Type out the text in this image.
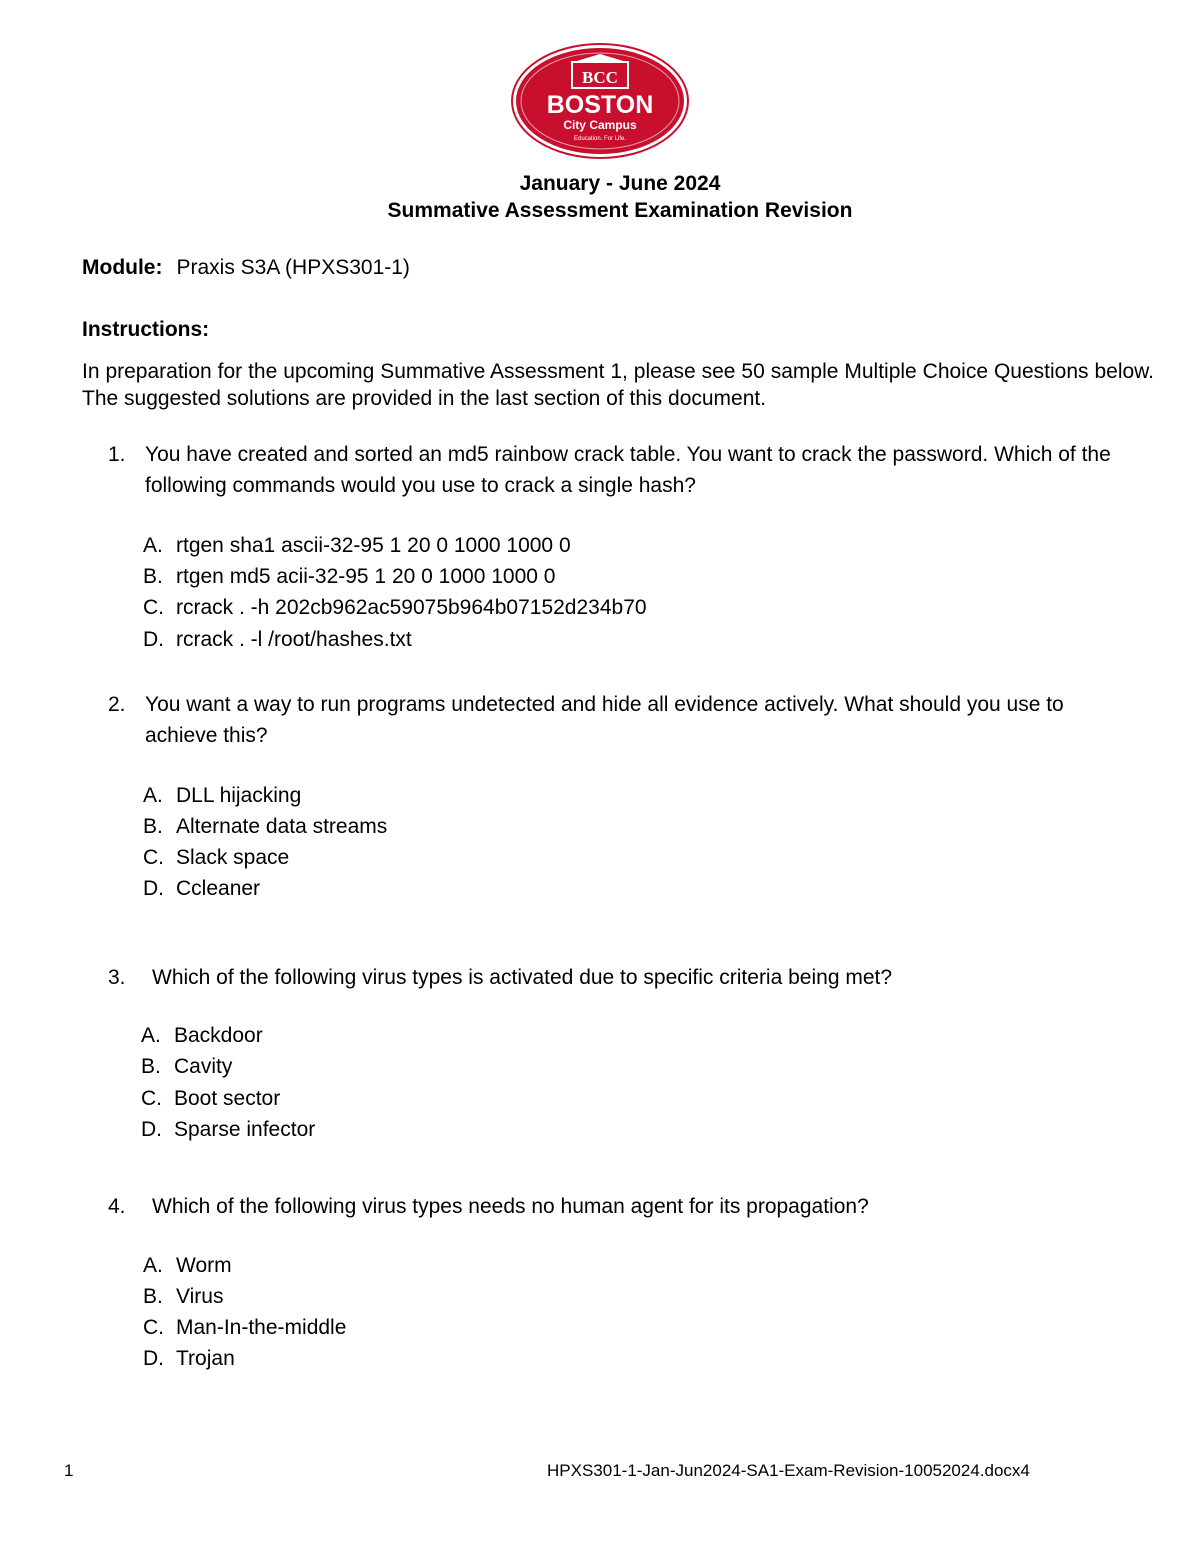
BCC
BOSTON
City Campus
Education. For Life.
January - June 2024
Summative Assessment Examination Revision
Module: Praxis S3A (HPXS301-1)
Instructions:
In preparation for the upcoming Summative Assessment 1, please see 50 sample Multiple Choice Questions below. The suggested solutions are provided in the last section of this document.
1. You have created and sorted an md5 rainbow crack table. You want to crack the password. Which of the following commands would you use to crack a single hash?
A. rtgen sha1 ascii-32-95 1 20 0 1000 1000 0
B. rtgen md5 acii-32-95 1 20 0 1000 1000 0
C. rcrack . -h 202cb962ac59075b964b07152d234b70
D. rcrack . -l /root/hashes.txt
2. You want a way to run programs undetected and hide all evidence actively. What should you use to achieve this?
A. DLL hijacking
B. Alternate data streams
C. Slack space
D. Ccleaner
3. Which of the following virus types is activated due to specific criteria being met?
A. Backdoor
B. Cavity
C. Boot sector
D. Sparse infector
4. Which of the following virus types needs no human agent for its propagation?
A. Worm
B. Virus
C. Man-In-the-middle
D. Trojan
1	HPXS301-1-Jan-Jun2024-SA1-Exam-Revision-10052024.docx4
